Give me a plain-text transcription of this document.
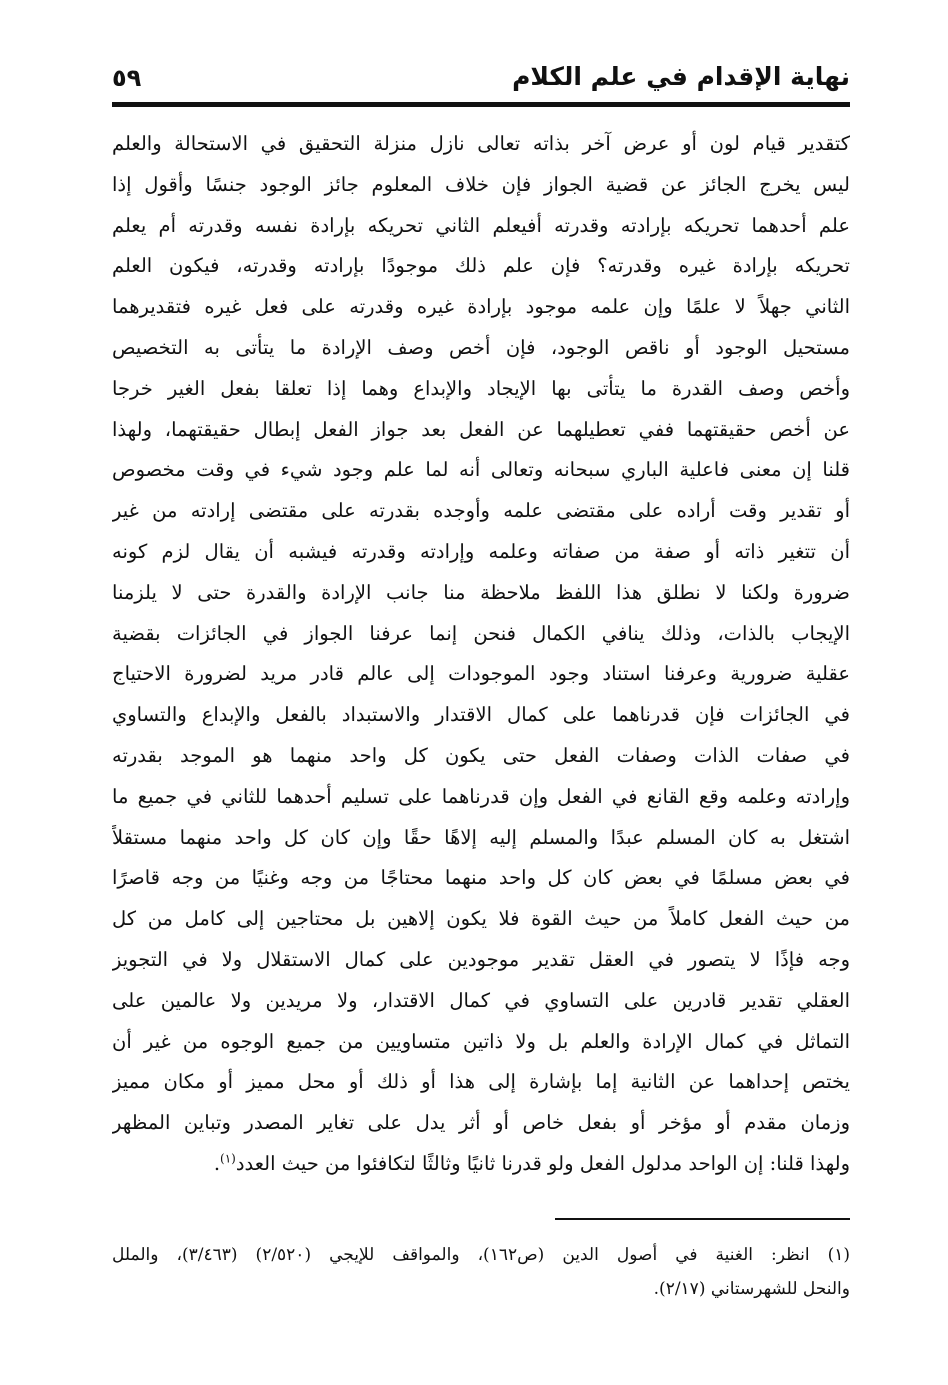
نهاية الإقدام في علم الكلام
٥٩
كتقدير قيام لون أو عرض آخر بذاته تعالى نازل منزلة التحقيق في الاستحالة والعلم
ليس يخرج الجائز عن قضية الجواز فإن خلاف المعلوم جائز الوجود جنسًا وأقول إذا
علم أحدهما تحريكه بإرادته وقدرته أفيعلم الثاني تحريكه بإرادة نفسه وقدرته أم يعلم
تحريكه بإرادة غيره وقدرته؟ فإن علم ذلك موجودًا بإرادته وقدرته، فيكون العلم
الثاني جهلاً لا علمًا وإن علمه موجود بإرادة غيره وقدرته على فعل غيره فتقديرهما
مستحيل الوجود أو ناقص الوجود، فإن أخص وصف الإرادة ما يتأتى به التخصيص
وأخص وصف القدرة ما يتأتى بها الإيجاد والإبداع وهما إذا تعلقا بفعل الغير خرجا
عن أخص حقيقتهما ففي تعطيلهما عن الفعل بعد جواز الفعل إبطال حقيقتهما، ولهذا
قلنا إن معنى فاعلية الباري سبحانه وتعالى أنه لما علم وجود شيء في وقت مخصوص
أو تقدير وقت أراده على مقتضى علمه وأوجده بقدرته على مقتضى إرادته من غير
أن تتغير ذاته أو صفة من صفاته وعلمه وإرادته وقدرته فيشبه أن يقال لزم كونه
ضرورة ولكنا لا نطلق هذا اللفظ ملاحظة منا جانب الإرادة والقدرة حتى لا يلزمنا
الإيجاب بالذات، وذلك ينافي الكمال فنحن إنما عرفنا الجواز في الجائزات بقضية
عقلية ضرورية وعرفنا استناد وجود الموجودات إلى عالم قادر مريد لضرورة الاحتياج
في الجائزات فإن قدرناهما على كمال الاقتدار والاستبداد بالفعل والإبداع والتساوي
في صفات الذات وصفات الفعل حتى يكون كل واحد منهما هو الموجد بقدرته
وإرادته وعلمه وقع القانع في الفعل وإن قدرناهما على تسليم أحدهما للثاني في جميع ما
اشتغل به كان المسلم عبدًا والمسلم إليه إلاهًا حقًا وإن كان كل واحد منهما مستقلاً
في بعض مسلمًا في بعض كان كل واحد منهما محتاجًا من وجه وغنيًا من وجه قاصرًا
من حيث الفعل كاملاً من حيث القوة فلا يكون إلاهين بل محتاجين إلى كامل من كل
وجه فإذًا لا يتصور في العقل تقدير موجودين على كمال الاستقلال ولا في التجويز
العقلي تقدير قادرين على التساوي في كمال الاقتدار، ولا مريدين ولا عالمين على
التماثل في كمال الإرادة والعلم بل ولا ذاتين متساويين من جميع الوجوه من غير أن
يختص إحداهما عن الثانية إما بإشارة إلى هذا أو ذلك أو محل مميز أو مكان مميز
وزمان مقدم أو مؤخر أو بفعل خاص أو أثر يدل على تغاير المصدر وتباين المظهر
ولهذا قلنا: إن الواحد مدلول الفعل ولو قدرنا ثانيًا وثالثًا لتكافئوا من حيث العدد$^{(١)}$.
(١) انظر: الغنية في أصول الدين (ص١٦٢)، والمواقف للإيجي (٢/٥٢٠) (٣/٤٦٣)، والملل
والنحل للشهرستاني (٢/١٧).
